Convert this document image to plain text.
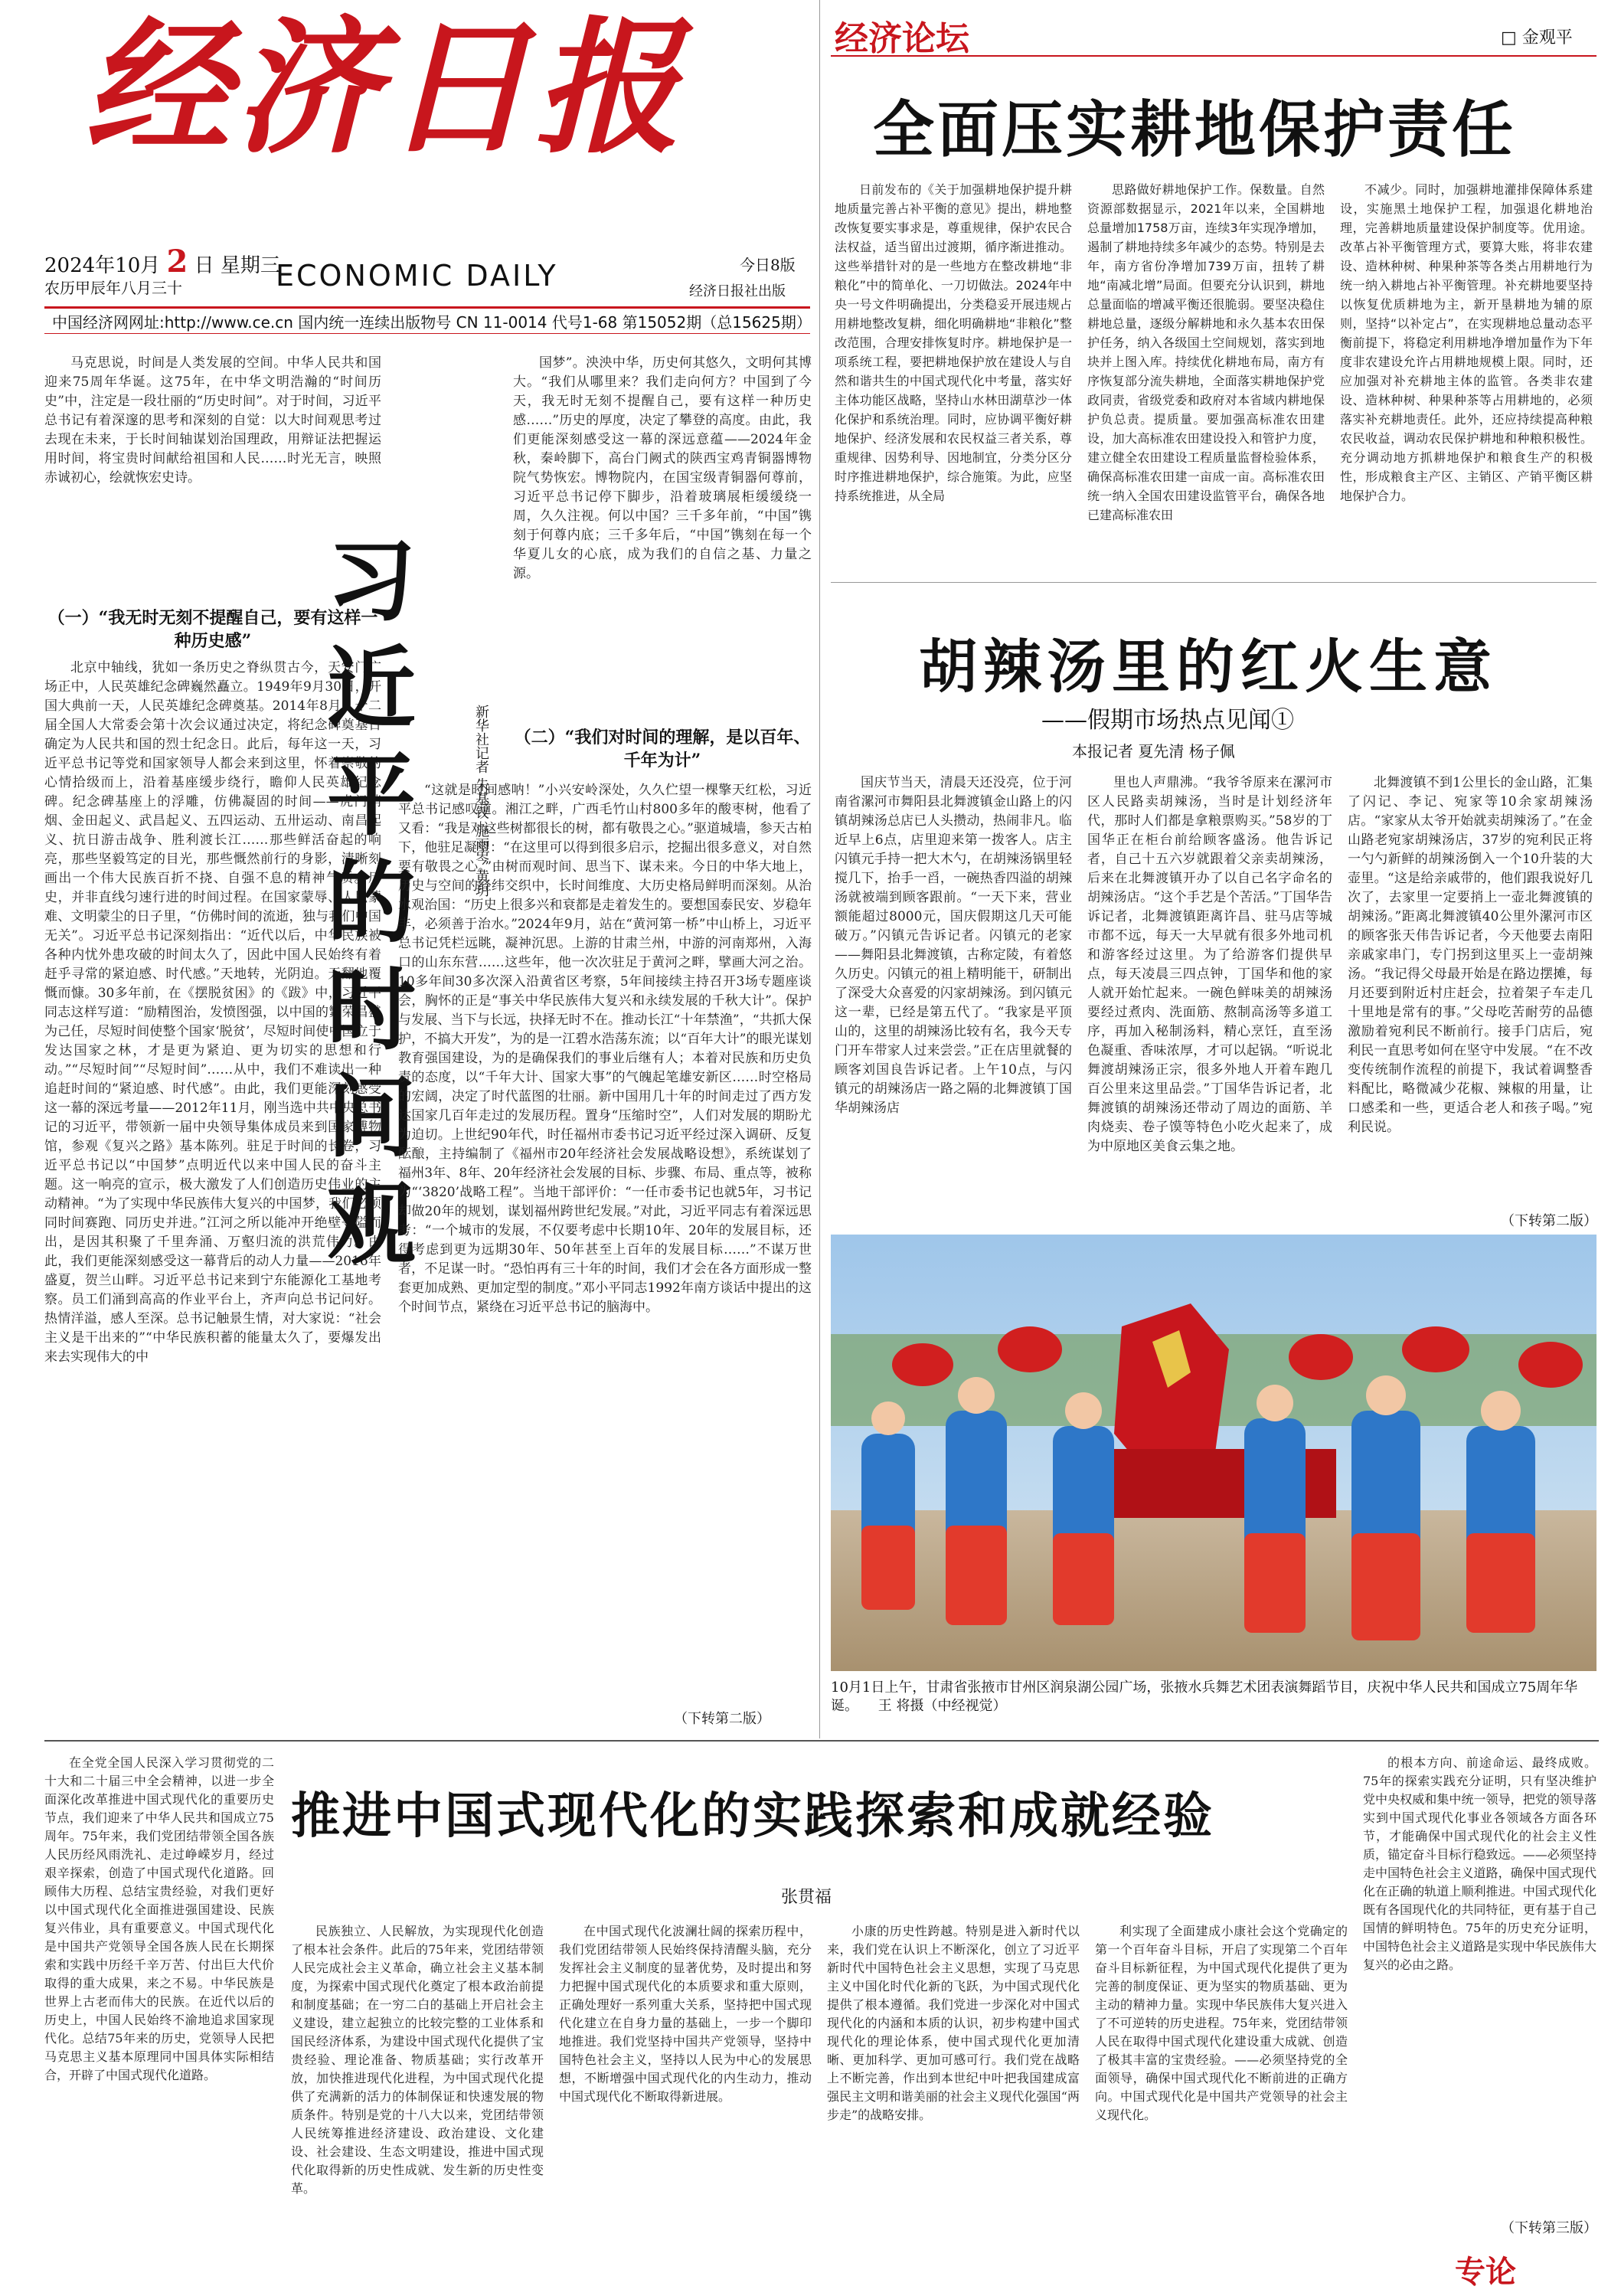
经济日报
2024年10月 2 日 星期三
农历甲辰年八月三十	ECONOMIC DAILY	今日8版
经济日报社出版
中国经济网网址:http://www.ce.cn 国内统一连续出版物号 CN 11-0014 代号1-68 第15052期（总15625期）
经济论坛	□ 金观平
全面压实耕地保护责任

日前发布的《关于加强耕地保护提升耕地质量完善占补平衡的意见》提出，耕地整改恢复要实事求是，尊重规律，保护农民合法权益，适当留出过渡期，循序渐进推动。这些举措针对的是一些地方在整改耕地“非粮化”中的简单化、一刀切做法。2024年中央一号文件明确提出，分类稳妥开展违规占用耕地整改复耕，细化明确耕地“非粮化”整改范围，合理安排恢复时序。耕地保护是一项系统工程，要把耕地保护放在建设人与自然和谐共生的中国式现代化中考量，落实好主体功能区战略，坚持山水林田湖草沙一体化保护和系统治理。同时，应协调平衡好耕地保护、经济发展和农民权益三者关系，尊重规律、因势利导、因地制宜，分类分区分时序推进耕地保护，综合施策。为此，应坚持系统推进，从全局

思路做好耕地保护工作。保数量。自然资源部数据显示，2021年以来，全国耕地总量增加1758万亩，连续3年实现净增加，遏制了耕地持续多年减少的态势。特别是去年，南方省份净增加739万亩，扭转了耕地“南减北增”局面。但要充分认识到，耕地总量面临的增减平衡还很脆弱。要坚决稳住耕地总量，逐级分解耕地和永久基本农田保护任务，纳入各级国土空间规划，落实到地块并上图入库。持续优化耕地布局，南方有序恢复部分流失耕地，全面落实耕地保护党政同责，省级党委和政府对本省域内耕地保护负总责。提质量。要加强高标准农田建设，加大高标准农田建设投入和管护力度，建立健全农田建设工程质量监督检验体系，确保高标准农田建一亩成一亩。高标准农田统一纳入全国农田建设监管平台，确保各地已建高标准农田

不减少。同时，加强耕地灌排保障体系建设，实施黑土地保护工程，加强退化耕地治理，完善耕地质量建设保护制度等。优用途。改革占补平衡管理方式，要算大账，将非农建设、造林种树、种果种茶等各类占用耕地行为统一纳入耕地占补平衡管理。补充耕地要坚持以恢复优质耕地为主，新开垦耕地为辅的原则，坚持“以补定占”，在实现耕地总量动态平衡前提下，将稳定利用耕地净增加量作为下年度非农建设允许占用耕地规模上限。同时，还应加强对补充耕地主体的监管。各类非农建设、造林种树、种果种茶等占用耕地的，必须落实补充耕地责任。此外，还应持续提高种粮农民收益，调动农民保护耕地和种粮积极性。充分调动地方抓耕地保护和粮食生产的积极性，形成粮食主产区、主销区、产销平衡区耕地保护合力。

马克思说，时间是人类发展的空间。中华人民共和国迎来75周年华诞。这75年，在中华文明浩瀚的“时间历史”中，注定是一段壮丽的“历史时间”。对于时间，习近平总书记有着深邃的思考和深刻的自觉：以大时间观思考过去现在未来，于长时间轴谋划治国理政，用辩证法把握运用时间，将宝贵时间献给祖国和人民……时光无言，映照赤诚初心，绘就恢宏史诗。

（一）“我无时无刻不提醒自己，要有这样一种历史感”

北京中轴线，犹如一条历史之脊纵贯古今，天安门广场正中，人民英雄纪念碑巍然矗立。1949年9月30日，开国大典前一天，人民英雄纪念碑奠基。2014年8月，十二届全国人大常委会第十次会议通过决定，将纪念碑奠基日确定为人民共和国的烈士纪念日。此后，每年这一天，习近平总书记等党和国家领导人都会来到这里，怀着崇敬的心情拾级而上，沿着基座缓步绕行，瞻仰人民英雄纪念碑。纪念碑基座上的浮雕，仿佛凝固的时间——虎门销烟、金田起义、武昌起义、五四运动、五卅运动、南昌起义、抗日游击战争、胜利渡长江……那些鲜活奋起的响亮，那些坚毅笃定的目光，那些慨然前行的身影，清晰刻画出一个伟大民族百折不挠、自强不息的精神气质。历史，并非直线匀速行进的时间过程。在国家蒙辱、人民蒙难、文明蒙尘的日子里，“仿佛时间的流逝，独与我们中国无关”。习近平总书记深刻指出：“近代以后，中华民族被各种内忧外患攻破的时间太久了，因此中国人民始终有着赶乎寻常的紧迫感、时代感。”天地转，光阴迫。天翻地覆慨而慷。30多年前，在《摆脱贫困》的《跋》中，习近平同志这样写道：“励精图治，发愤图强，以中国的繁荣昌盛为己任，尽短时间使整个国家‘脱贫’，尽短时间使中国立于发达国家之林，才是更为紧迫、更为切实的思想和行动。”“尽短时间”“尽短时间”……从中，我们不难读出一种追赶时间的“紧迫感、时代感”。由此，我们更能深刻感受这一幕的深远考量——2012年11月，刚当选中共中央总书记的习近平，带领新一届中央领导集体成员来到国家博物馆，参观《复兴之路》基本陈列。驻足于时间的长卷，习近平总书记以“中国梦”点明近代以来中国人民的奋斗主题。这一响亮的宣示，极大激发了人们创造历史伟业的主动精神。“为了实现中华民族伟大复兴的中国梦，我们必须同时间赛跑、同历史并进。”江河之所以能冲开绝壁夺隘而出，是因其积聚了千里奔涌、万壑归流的洪荒伟力。由此，我们更能深刻感受这一幕背后的动人力量——2016年盛夏，贺兰山畔。习近平总书记来到宁东能源化工基地考察。员工们涌到高高的作业平台上，齐声向总书记问好。热情洋溢，感人至深。总书记触景生情，对大家说：“社会主义是干出来的”“中华民族积蓄的能量太久了，要爆发出来去实现伟大的中

习
近
平
的
时
间
观
新华社记者 朱基钗 施雨岑 黄玥

国梦”。泱泱中华，历史何其悠久，文明何其博大。“我们从哪里来？我们走向何方？中国到了今天，我无时无刻不提醒自己，要有这样一种历史感……”历史的厚度，决定了攀登的高度。由此，我们更能深刻感受这一幕的深远意蕴——2024年金秋，秦岭脚下，高台门阙式的陕西宝鸡青铜器博物院气势恢宏。博物院内，在国宝级青铜器何尊前，习近平总书记停下脚步，沿着玻璃展柜缓缓绕一周，久久注视。何以中国？三千多年前，“中国”镌刻于何尊内底；三千多年后，“中国”镌刻在每一个华夏儿女的心底，成为我们的自信之基、力量之源。

（二）“我们对时间的理解，是以百年、千年为计”

“这就是时间感呐！”小兴安岭深处，久久伫望一棵擎天红松，习近平总书记感叹道。湘江之畔，广西毛竹山村800多年的酸枣树，他看了又看：“我是对这些树都很长的树，都有敬畏之心。”驱道城墙，参天古柏下，他驻足凝望：“在这里可以得到很多启示，挖掘出很多意义，对自然要有敬畏之心。”由树而观时间、思当下、谋未来。今日的中华大地上，历史与空间的经纬交织中，长时间维度、大历史格局鲜明而深刻。从治水观治国：“历史上很多兴和衰都是走着发生的。要想国泰民安、岁稳年丰，必须善于治水。”2024年9月，站在“黄河第一桥”中山桥上，习近平总书记凭栏远眺，凝神沉思。上游的甘肃兰州，中游的河南郑州，入海口的山东东营……这些年，他一次次驻足于黄河之畔，擘画大河之治。10多年间30多次深入沿黄省区考察，5年间接续主持召开3场专题座谈会，胸怀的正是“事关中华民族伟大复兴和永续发展的千秋大计”。保护与发展、当下与长远，抉择无时不在。推动长江“十年禁渔”，“共抓大保护，不搞大开发”，为的是一江碧水浩荡东流；以“百年大计”的眼光谋划教育强国建设，为的是确保我们的事业后继有人；本着对民族和历史负责的态度，以“千年大计、国家大事”的气魄起笔雄安新区……时空格局的宏阔，决定了时代蓝图的壮丽。新中国用几十年的时间走过了西方发达国家几百年走过的发展历程。置身“压缩时空”，人们对发展的期盼尤为迫切。上世纪90年代，时任福州市委书记习近平经过深入调研、反复酝酿，主持编制了《福州市20年经济社会发展战略设想》，系统谋划了福州3年、8年、20年经济社会发展的目标、步骤、布局、重点等，被称为“‘3820’战略工程”。当地干部评价：“一任市委书记也就5年，习书记却做20年的规划，谋划福州跨世纪发展。”对此，习近平同志有着深远思考：“一个城市的发展，不仅要考虑中长期10年、20年的发展目标，还得考虑到更为远期30年、50年甚至上百年的发展目标……”不谋万世者，不足谋一时。“恐怕再有三十年的时间，我们才会在各方面形成一整套更加成熟、更加定型的制度。”邓小平同志1992年南方谈话中提出的这个时间节点，紧绕在习近平总书记的脑海中。

（下转第二版）
胡辣汤里的红火生意
——假期市场热点见闻①
本报记者 夏先清 杨子佩

国庆节当天，清晨天还没亮，位于河南省漯河市舞阳县北舞渡镇金山路上的闪镇胡辣汤总店已人头攒动，热闹非凡。临近早上6点，店里迎来第一拨客人。店主闪镇元手持一把大木勺，在胡辣汤锅里轻搅几下，抬手一舀，一碗热香四溢的胡辣汤就被端到顾客跟前。“一天下来，营业额能超过8000元，国庆假期这几天可能破万。”闪镇元告诉记者。闪镇元的老家——舞阳县北舞渡镇，古称定陵，有着悠久历史。闪镇元的祖上精明能干，研制出了深受大众喜爱的闪家胡辣汤。到闪镇元这一辈，已经是第五代了。“我家是平顶山的，这里的胡辣汤比较有名，我今天专门开车带家人过来尝尝。”正在店里就餐的顾客刘国良告诉记者。上午10点，与闪镇元的胡辣汤店一路之隔的北舞渡镇丁国华胡辣汤店

里也人声鼎沸。“我爷爷原来在漯河市区人民路卖胡辣汤，当时是计划经济年代，那时人们都是拿粮票购买。”58岁的丁国华正在柜台前给顾客盛汤。他告诉记者，自己十五六岁就跟着父亲卖胡辣汤，后来在北舞渡镇开办了以自己名字命名的胡辣汤店。“这个手艺是个苦活。”丁国华告诉记者，北舞渡镇距离许昌、驻马店等城市都不远，每天一大早就有很多外地司机和游客经过这里。为了给游客们提供早点，每天凌晨三四点钟，丁国华和他的家人就开始忙起来。一碗色鲜味美的胡辣汤要经过煮肉、洗面筋、熬制高汤等多道工序，再加入秘制汤料，精心烹饪，直至汤色凝重、香味浓厚，才可以起锅。“听说北舞渡胡辣汤正宗，很多外地人开着车跑几百公里来这里品尝。”丁国华告诉记者，北舞渡镇的胡辣汤还带动了周边的面筋、羊肉烧卖、卷子馍等特色小吃火起来了，成为中原地区美食云集之地。

北舞渡镇不到1公里长的金山路，汇集了闪记、李记、宛家等10余家胡辣汤店。“家家从太爷开始就卖胡辣汤了。”在金山路老宛家胡辣汤店，37岁的宛利民正将一勺勺新鲜的胡辣汤倒入一个10升装的大壶里。“这是给亲戚带的，他们跟我说好几次了，去家里一定要捎上一壶北舞渡镇的胡辣汤。”距离北舞渡镇40公里外漯河市区的顾客张天伟告诉记者，今天他要去南阳亲戚家串门，专门拐到这里买上一壶胡辣汤。“我记得父母最开始是在路边摆摊，每月还要到附近村庄赶会，拉着架子车走几十里地是常有的事。”父母吃苦耐劳的品德激励着宛利民不断前行。接手门店后，宛利民一直思考如何在坚守中发展。“在不改变传统制作流程的前提下，我试着调整香料配比，略微减少花椒、辣椒的用量，让口感柔和一些，更适合老人和孩子喝。”宛利民说。

（下转第二版）
10月1日上午，甘肃省张掖市甘州区润泉湖公园广场，张掖水兵舞艺术团表演舞蹈节目，庆祝中华人民共和国成立75周年华诞。 王 将摄（中经视觉）
推进中国式现代化的实践探索和成就经验
张贯福

在全党全国人民深入学习贯彻党的二十大和二十届三中全会精神，以进一步全面深化改革推进中国式现代化的重要历史节点，我们迎来了中华人民共和国成立75周年。75年来，我们党团结带领全国各族人民历经风雨洗礼、走过峥嵘岁月，经过艰辛探索，创造了中国式现代化道路。回顾伟大历程、总结宝贵经验，对我们更好以中国式现代化全面推进强国建设、民族复兴伟业，具有重要意义。中国式现代化是中国共产党领导全国各族人民在长期探索和实践中历经千辛万苦、付出巨大代价取得的重大成果，来之不易。中华民族是世界上古老而伟大的民族。在近代以后的历史上，中国人民始终不渝地追求国家现代化。总结75年来的历史，党领导人民把马克思主义基本原理同中国具体实际相结合，开辟了中国式现代化道路。

民族独立、人民解放，为实现现代化创造了根本社会条件。此后的75年来，党团结带领人民完成社会主义革命，确立社会主义基本制度，为探索中国式现代化奠定了根本政治前提和制度基础；在一穷二白的基础上开启社会主义建设，建立起独立的比较完整的工业体系和国民经济体系，为建设中国式现代化提供了宝贵经验、理论准备、物质基础；实行改革开放，加快推进现代化进程，为中国式现代化提供了充满新的活力的体制保证和快速发展的物质条件。特别是党的十八大以来，党团结带领人民统筹推进经济建设、政治建设、文化建设、社会建设、生态文明建设，推进中国式现代化取得新的历史性成就、发生新的历史性变革。

在中国式现代化波澜壮阔的探索历程中，我们党团结带领人民始终保持清醒头脑，充分发挥社会主义制度的显著优势，及时提出和努力把握中国式现代化的本质要求和重大原则，正确处理好一系列重大关系，坚持把中国式现代化建立在自身力量的基础上，一步一个脚印地推进。我们党坚持中国共产党领导，坚持中国特色社会主义，坚持以人民为中心的发展思想，不断增强中国式现代化的内生动力，推动中国式现代化不断取得新进展。

小康的历史性跨越。特别是进入新时代以来，我们党在认识上不断深化，创立了习近平新时代中国特色社会主义思想，实现了马克思主义中国化时代化新的飞跃，为中国式现代化提供了根本遵循。我们党进一步深化对中国式现代化的内涵和本质的认识，初步构建中国式现代化的理论体系，使中国式现代化更加清晰、更加科学、更加可感可行。我们党在战略上不断完善，作出到本世纪中叶把我国建成富强民主文明和谐美丽的社会主义现代化强国“两步走”的战略安排。

利实现了全面建成小康社会这个党确定的第一个百年奋斗目标，开启了实现第二个百年奋斗目标新征程，为中国式现代化提供了更为完善的制度保证、更为坚实的物质基础、更为主动的精神力量。实现中华民族伟大复兴进入了不可逆转的历史进程。75年来，党团结带领人民在取得中国式现代化建设重大成就、创造了极其丰富的宝贵经验。——必须坚持党的全面领导，确保中国式现代化不断前进的正确方向。中国式现代化是中国共产党领导的社会主义现代化。

的根本方向、前途命运、最终成败。75年的探索实践充分证明，只有坚决维护党中央权威和集中统一领导，把党的领导落实到中国式现代化事业各领域各方面各环节，才能确保中国式现代化的社会主义性质，锚定奋斗目标行稳致远。——必须坚持走中国特色社会主义道路，确保中国式现代化在正确的轨道上顺利推进。中国式现代化既有各国现代化的共同特征，更有基于自己国情的鲜明特色。75年的历史充分证明，中国特色社会主义道路是实现中华民族伟大复兴的必由之路。

（下转第三版）
专论
